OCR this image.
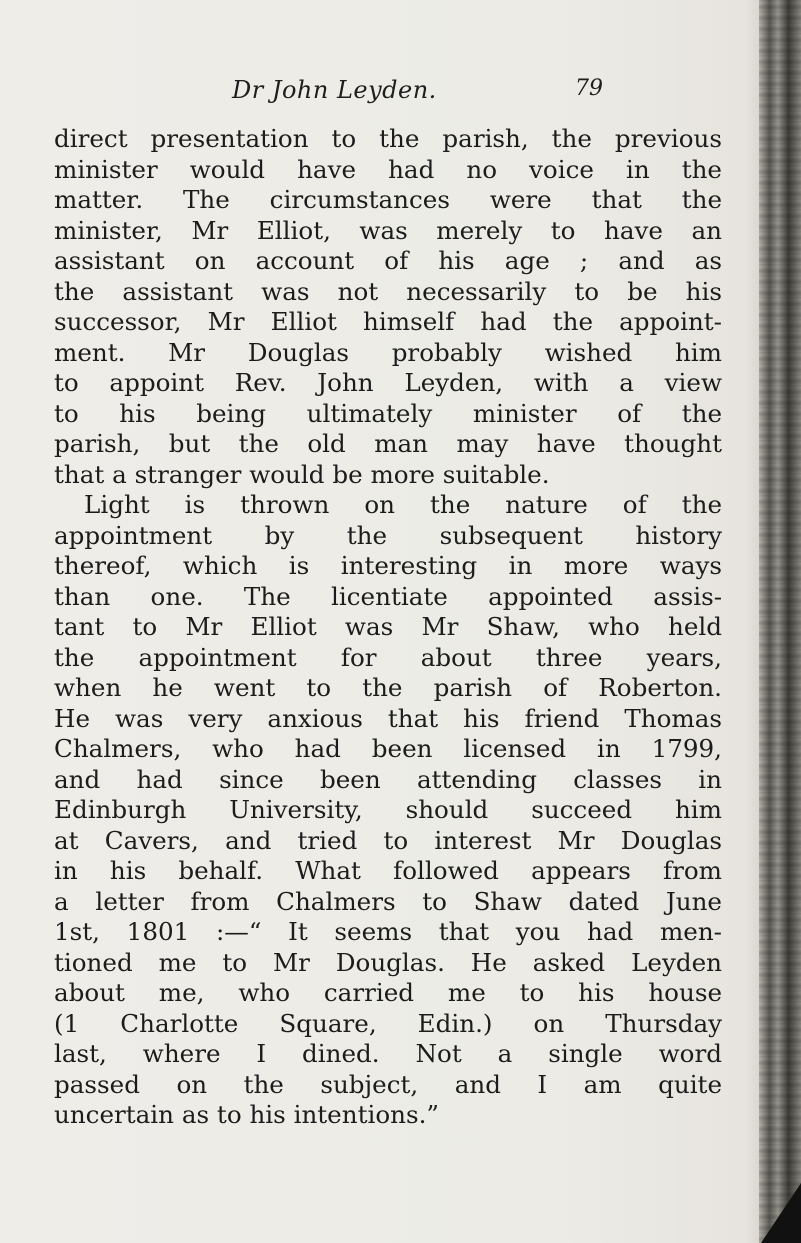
Dr John Leyden.	79
direct presentation to the parish, the previous
minister would have had no voice in the
matter. The circumstances were that the
minister, Mr Elliot, was merely to have an
assistant on account of his age ; and as
the assistant was not necessarily to be his
successor, Mr Elliot himself had the appoint-
ment. Mr Douglas probably wished him
to appoint Rev. John Leyden, with a view
to his being ultimately minister of the
parish, but the old man may have thought
that a stranger would be more suitable.
Light is thrown on the nature of the
appointment by the subsequent history
thereof, which is interesting in more ways
than one. The licentiate appointed assis-
tant to Mr Elliot was Mr Shaw, who held
the appointment for about three years,
when he went to the parish of Roberton.
He was very anxious that his friend Thomas
Chalmers, who had been licensed in 1799,
and had since been attending classes in
Edinburgh University, should succeed him
at Cavers, and tried to interest Mr Douglas
in his behalf. What followed appears from
a letter from Chalmers to Shaw dated June
1st, 1801 :—“ It seems that you had men-
tioned me to Mr Douglas. He asked Leyden
about me, who carried me to his house
(1 Charlotte Square, Edin.) on Thursday
last, where I dined. Not a single word
passed on the subject, and I am quite
uncertain as to his intentions.”
